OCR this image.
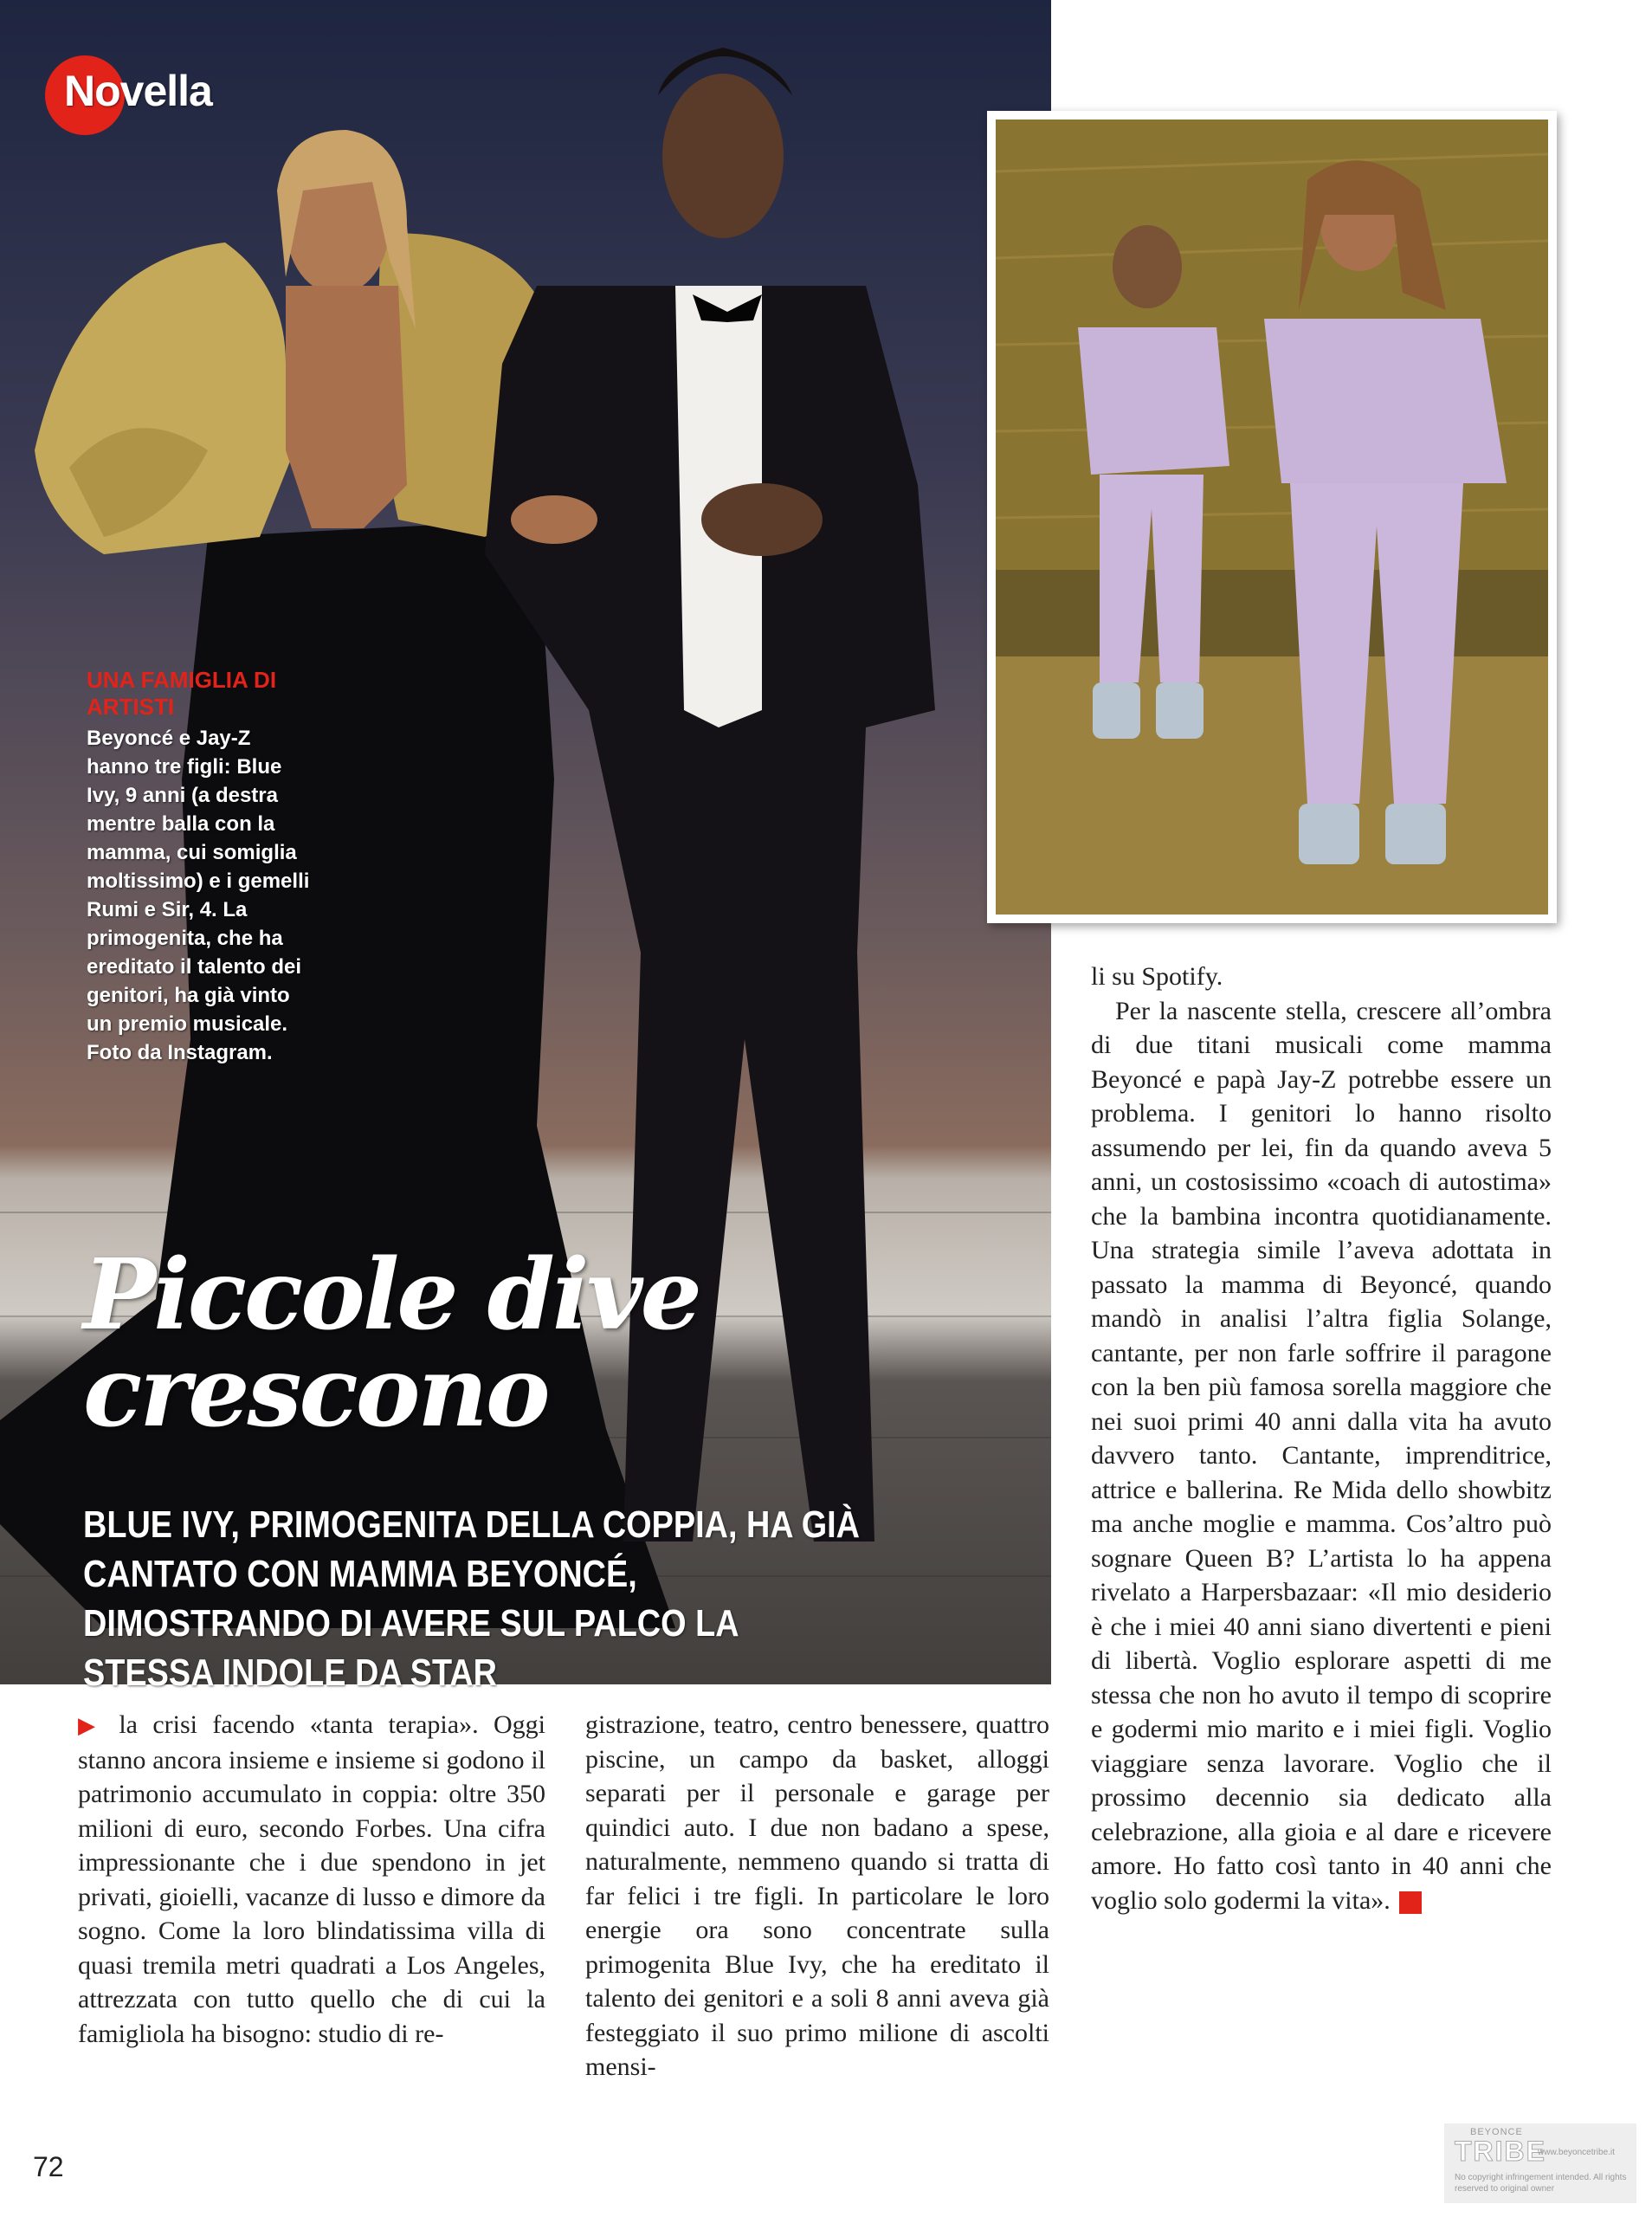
Novella
UNA FAMIGLIA DI ARTISTI
Beyoncé e Jay-Z hanno tre figli: Blue Ivy, 9 anni (a destra mentre balla con la mamma, cui somiglia moltissimo) e i gemelli Rumi e Sir, 4. La primogenita, che ha ereditato il talento dei genitori, ha già vinto un premio musicale. Foto da Instagram.
Piccole dive crescono
BLUE IVY, PRIMOGENITA DELLA COPPIA, HA GIÀ CANTATO CON MAMMA BEYONCÉ, DIMOSTRANDO DI AVERE SUL PALCO LA STESSA INDOLE DA STAR

▶ la crisi facendo «tanta terapia». Oggi stanno ancora insieme e insieme si godono il patrimonio accumulato in coppia: oltre 350 milioni di euro, secondo Forbes. Una cifra impressionante che i due spendono in jet privati, gioielli, vacanze di lusso e dimore da sogno. Come la loro blindatissima villa di quasi tremila metri quadrati a Los Angeles, attrezzata con tutto quello che di cui la famigliola ha bisogno: studio di re-

gistrazione, teatro, centro benessere, quattro piscine, un campo da basket, alloggi separati per il personale e garage per quindici auto. I due non badano a spese, naturalmente, nemmeno quando si tratta di far felici i tre figli. In particolare le loro energie ora sono concentrate sulla primogenita Blue Ivy, che ha ereditato il talento dei genitori e a soli 8 anni aveva già festeggiato il suo primo milione di ascolti mensi-

li su Spotify.

Per la nascente stella, crescere all’ombra di due titani musicali come mamma Beyoncé e papà Jay-Z potrebbe essere un problema. I genitori lo hanno risolto assumendo per lei, fin da quando aveva 5 anni, un costosissimo «coach di autostima» che la bambina incontra quotidianamente. Una strategia simile l’aveva adottata in passato la mamma di Beyoncé, quando mandò in analisi l’altra figlia Solange, cantante, per non farle soffrire il paragone con la ben più famosa sorella maggiore che nei suoi primi 40 anni dalla vita ha avuto davvero tanto. Cantante, imprenditrice, attrice e ballerina. Re Mida dello showbitz ma anche moglie e mamma. Cos’altro può sognare Queen B? L’artista lo ha appena rivelato a Harpersbazaar: «Il mio desiderio è che i miei 40 anni siano divertenti e pieni di libertà. Voglio esplorare aspetti di me stessa che non ho avuto il tempo di scoprire e godermi mio marito e i miei figli. Voglio viaggiare senza lavorare. Voglio che il prossimo decennio sia dedicato alla celebrazione, alla gioia e al dare e ricevere amore. Ho fatto così tanto in 40 anni che voglio solo godermi la vita».

72
BEYONCE
TRIBE
www.beyoncetribe.it
No copyright infringement intended. All rights reserved to original owner
